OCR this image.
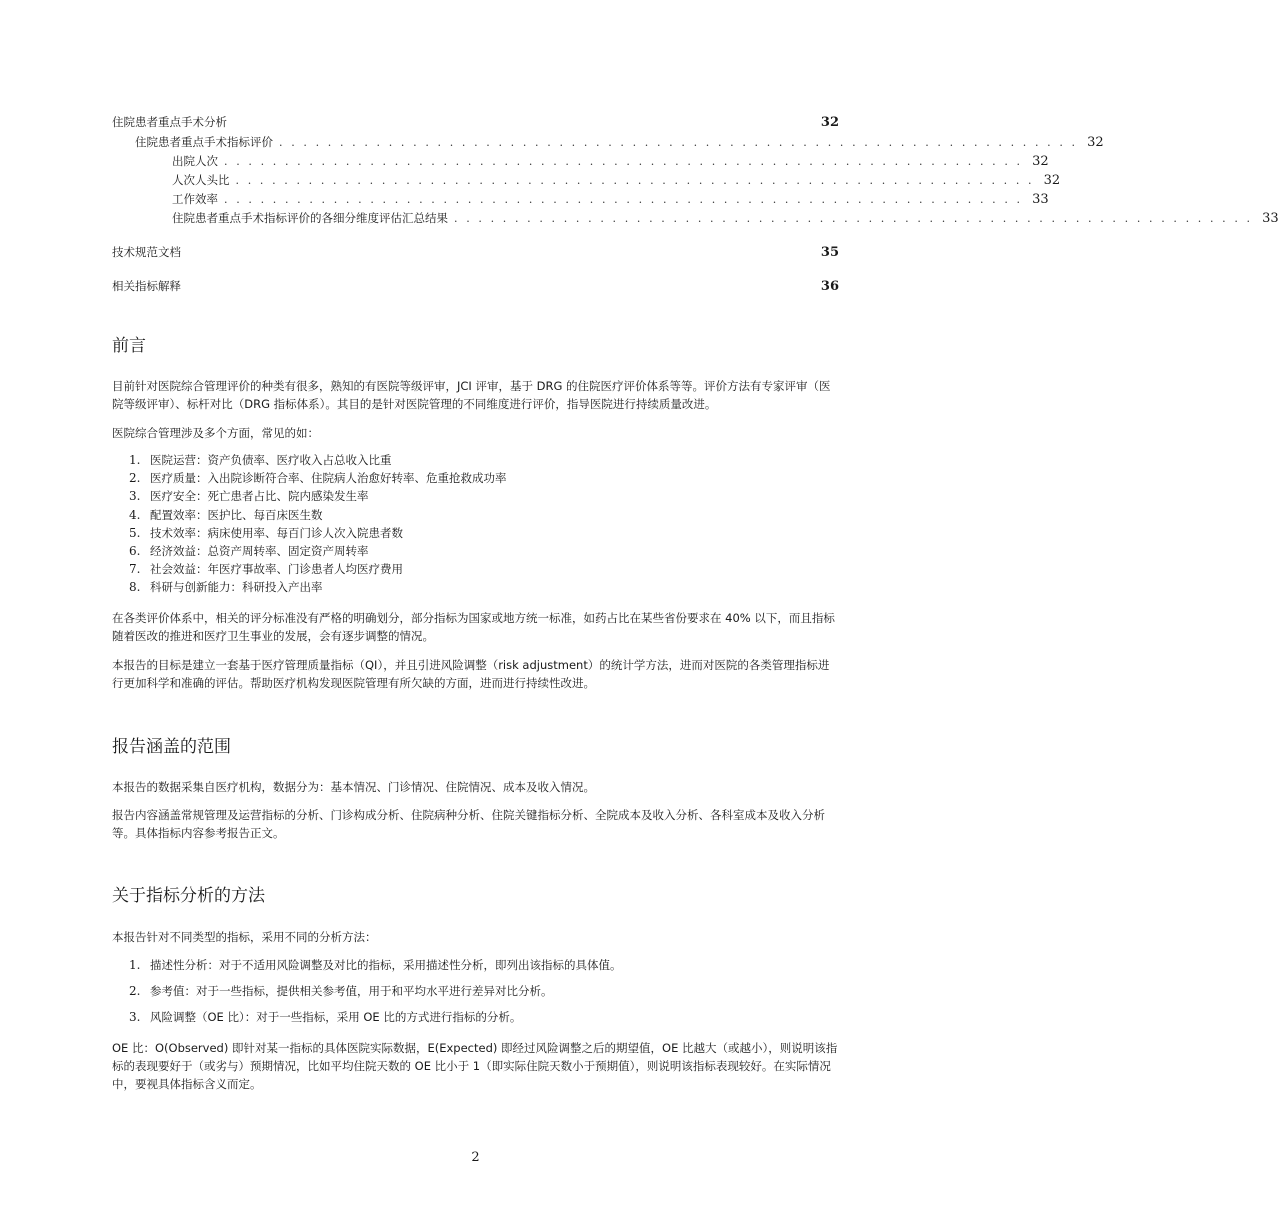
住院患者重点手术分析	32
住院患者重点手术指标评价 . . . . . . . . . . . . . . . . . . . . . . . . . . . . . . . . . . . . . . . . . . . . . . . . . . . . . . . . . . . . . . . . . . 32
出院人次 . . . . . . . . . . . . . . . . . . . . . . . . . . . . . . . . . . . . . . . . . . . . . . . . . . . . . . . . . . . . . . . . . . 32
人次人头比 . . . . . . . . . . . . . . . . . . . . . . . . . . . . . . . . . . . . . . . . . . . . . . . . . . . . . . . . . . . . . . . . . . 32
工作效率 . . . . . . . . . . . . . . . . . . . . . . . . . . . . . . . . . . . . . . . . . . . . . . . . . . . . . . . . . . . . . . . . . . 33
住院患者重点手术指标评价的各细分维度评估汇总结果 . . . . . . . . . . . . . . . . . . . . . . . . . . . . . . . . . . . . . . . . . . . . . . . . . . . . . . . . . . . . . . . . . . 33
技术规范文档	35
相关指标解释	36
前言

目前针对医院综合管理评价的种类有很多，熟知的有医院等级评审，JCI 评审，基于 DRG 的住院医疗评价体系等等。评价方法有专家评审（医院等级评审）、标杆对比（DRG 指标体系）。其目的是针对医院管理的不同维度进行评价，指导医院进行持续质量改进。

医院综合管理涉及多个方面，常见的如：

1. 医院运营：资产负债率、医疗收入占总收入比重
2. 医疗质量：入出院诊断符合率、住院病人治愈好转率、危重抢救成功率
3. 医疗安全：死亡患者占比、院内感染发生率
4. 配置效率：医护比、每百床医生数
5. 技术效率：病床使用率、每百门诊人次入院患者数
6. 经济效益：总资产周转率、固定资产周转率
7. 社会效益：年医疗事故率、门诊患者人均医疗费用
8. 科研与创新能力：科研投入产出率

在各类评价体系中，相关的评分标准没有严格的明确划分，部分指标为国家或地方统一标准，如药占比在某些省份要求在 40% 以下，而且指标随着医改的推进和医疗卫生事业的发展，会有逐步调整的情况。

本报告的目标是建立一套基于医疗管理质量指标（QI），并且引进风险调整（risk adjustment）的统计学方法，进而对医院的各类管理指标进行更加科学和准确的评估。帮助医疗机构发现医院管理有所欠缺的方面，进而进行持续性改进。

报告涵盖的范围

本报告的数据采集自医疗机构，数据分为：基本情况、门诊情况、住院情况、成本及收入情况。

报告内容涵盖常规管理及运营指标的分析、门诊构成分析、住院病种分析、住院关键指标分析、全院成本及收入分析、各科室成本及收入分析等。具体指标内容参考报告正文。

关于指标分析的方法

本报告针对不同类型的指标，采用不同的分析方法：

1. 描述性分析：对于不适用风险调整及对比的指标，采用描述性分析，即列出该指标的具体值。
2. 参考值：对于一些指标，提供相关参考值，用于和平均水平进行差异对比分析。
3. 风险调整（OE 比）：对于一些指标，采用 OE 比的方式进行指标的分析。

OE 比：O(Observed) 即针对某一指标的具体医院实际数据，E(Expected) 即经过风险调整之后的期望值，OE 比越大（或越小），则说明该指标的表现要好于（或劣与）预期情况，比如平均住院天数的 OE 比小于 1（即实际住院天数小于预期值），则说明该指标表现较好。在实际情况中，要视具体指标含义而定。

2
